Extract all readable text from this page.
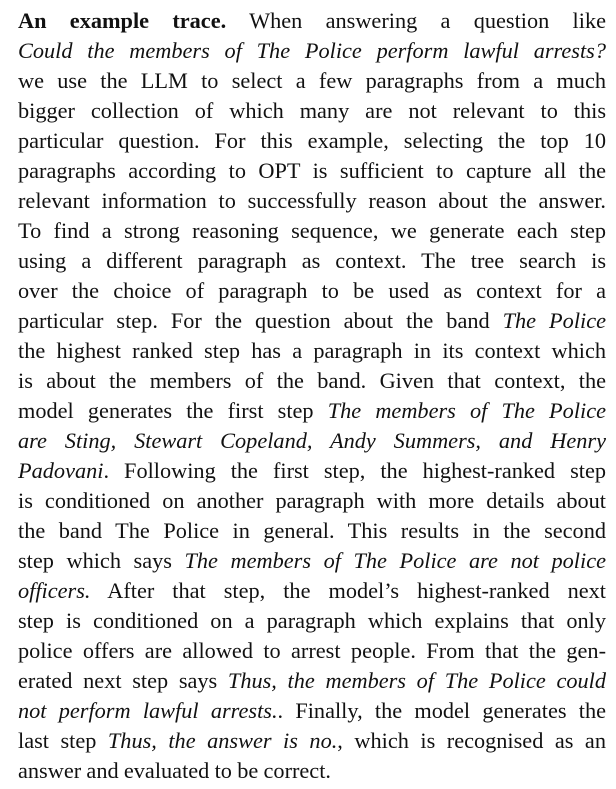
An example trace. When answering a question like
Could the members of The Police perform lawful arrests?
we use the LLM to select a few paragraphs from a much
bigger collection of which many are not relevant to this
particular question. For this example, selecting the top 10
paragraphs according to OPT is sufficient to capture all the
relevant information to successfully reason about the answer.
To find a strong reasoning sequence, we generate each step
using a different paragraph as context. The tree search is
over the choice of paragraph to be used as context for a
particular step. For the question about the band The Police
the highest ranked step has a paragraph in its context which
is about the members of the band. Given that context, the
model generates the first step The members of The Police
are Sting, Stewart Copeland, Andy Summers, and Henry
Padovani. Following the first step, the highest-ranked step
is conditioned on another paragraph with more details about
the band The Police in general. This results in the second
step which says The members of The Police are not police
officers. After that step, the model’s highest-ranked next
step is conditioned on a paragraph which explains that only
police offers are allowed to arrest people. From that the gen-
erated next step says Thus, the members of The Police could
not perform lawful arrests.. Finally, the model generates the
last step Thus, the answer is no., which is recognised as an
answer and evaluated to be correct.
